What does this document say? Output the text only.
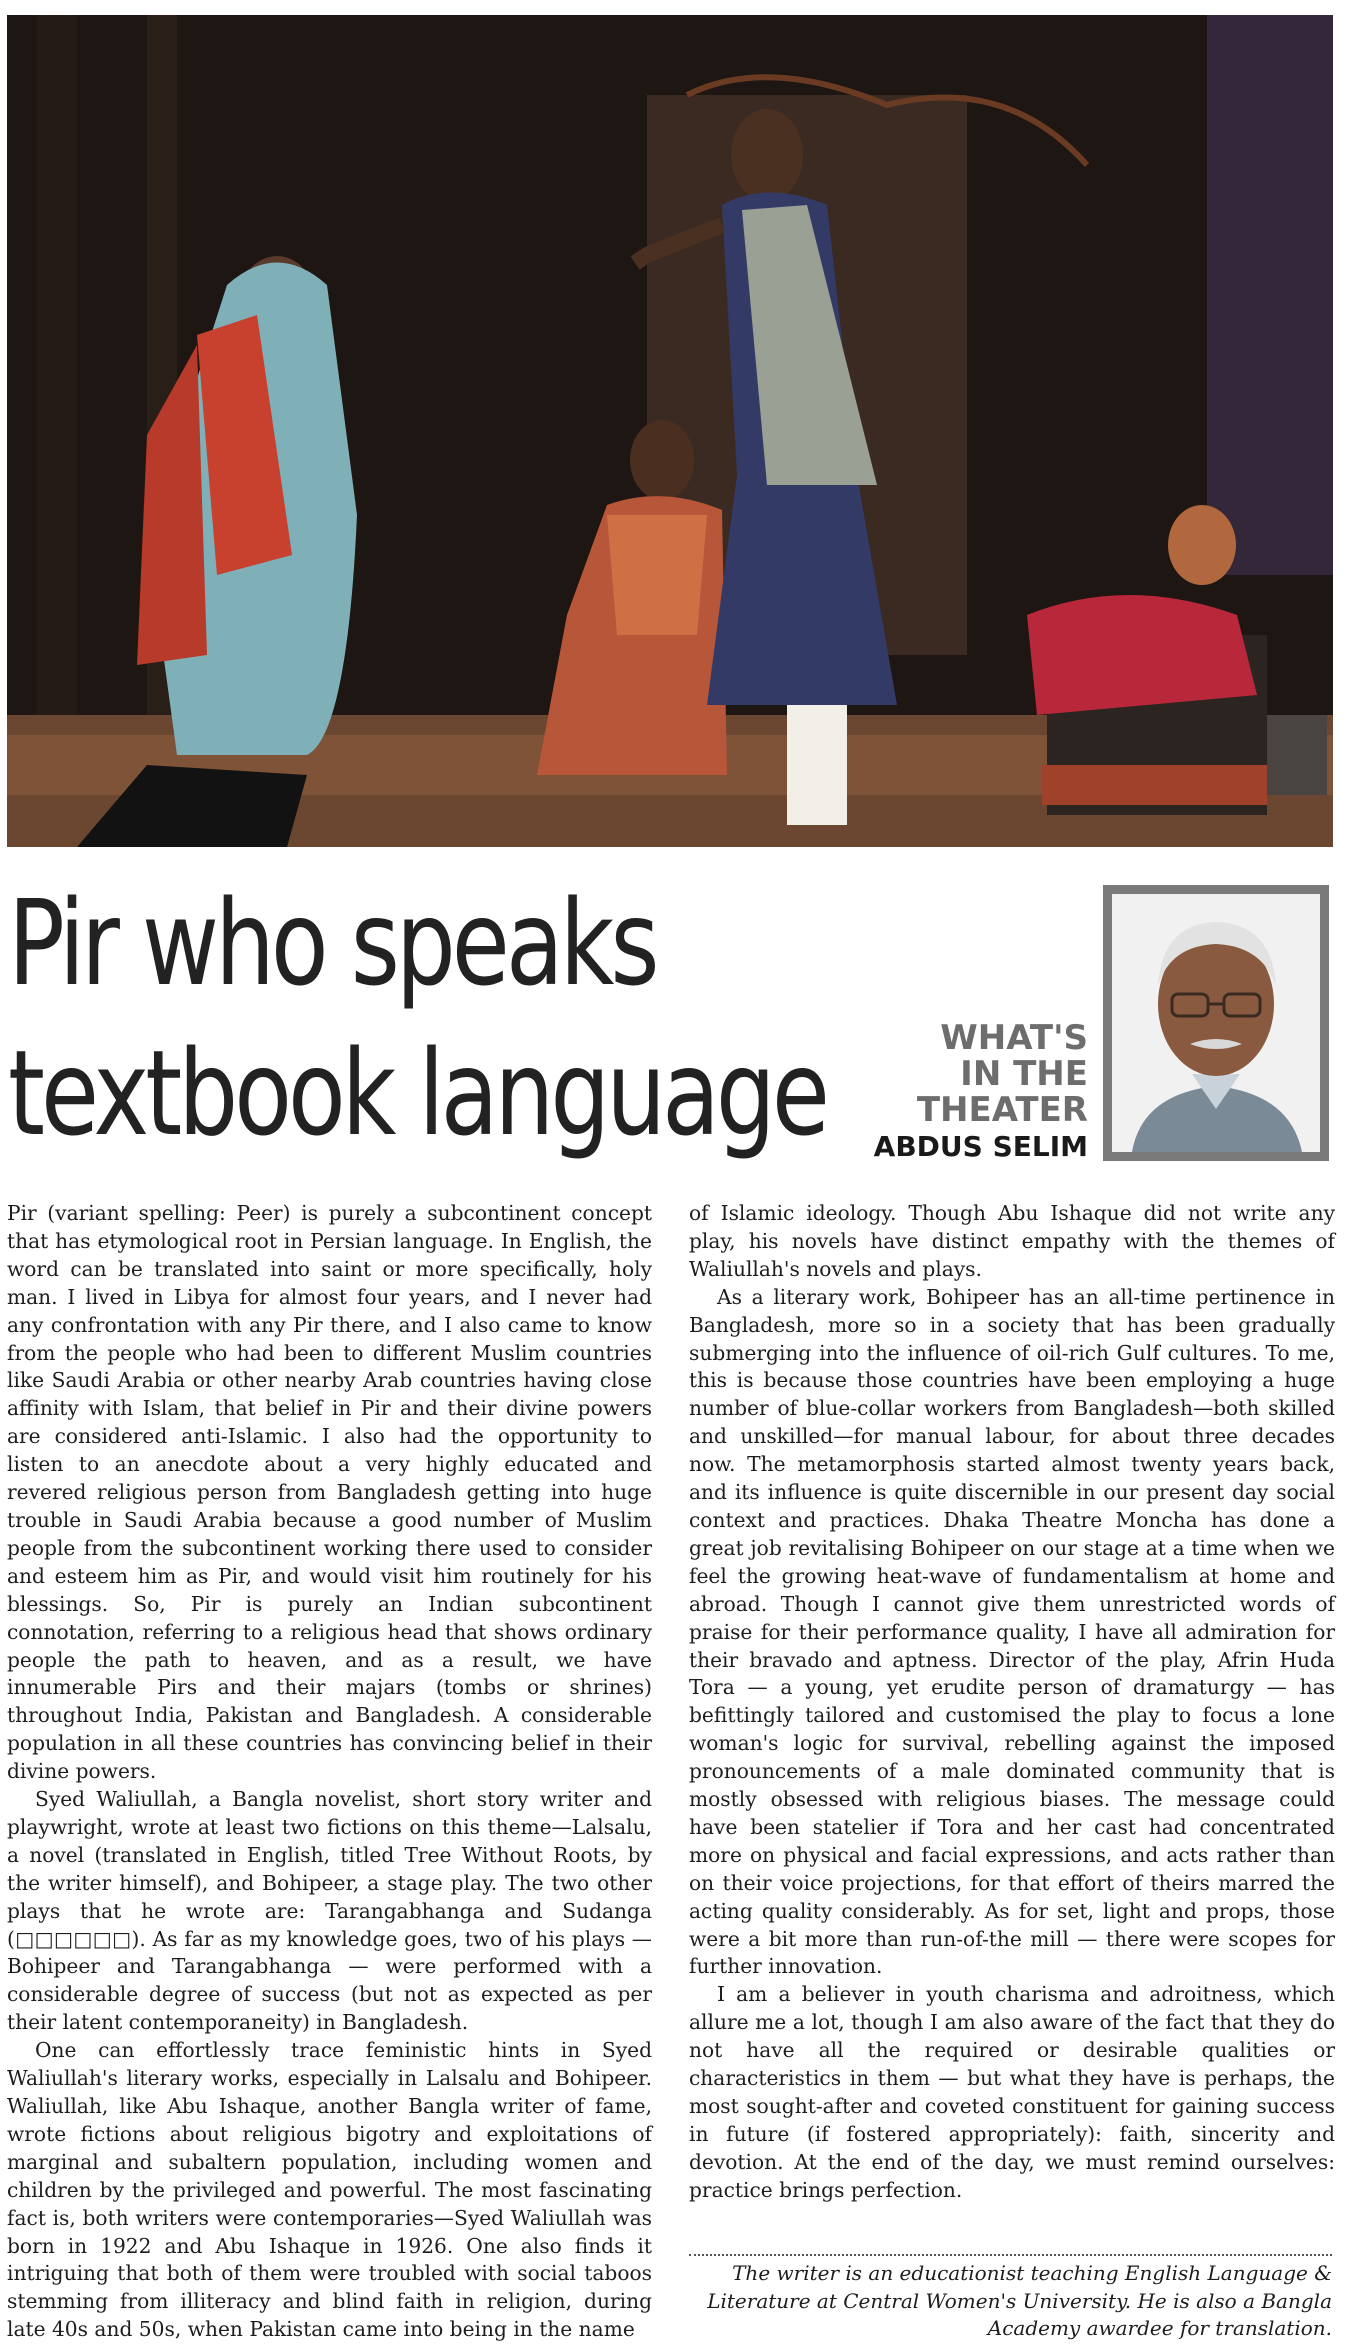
Pir who speaks
textbook language	WHAT'S
IN THE
THEATER
ABDUS SELIM

Pir (variant spelling: Peer) is purely a subcontinent concept that has etymological root in Persian language. In English, the word can be translated into saint or more specifically, holy man. I lived in Libya for almost four years, and I never had any confrontation with any Pir there, and I also came to know from the people who had been to different Muslim countries like Saudi Arabia or other nearby Arab countries having close affinity with Islam, that belief in Pir and their divine powers are considered anti-Islamic. I also had the opportunity to listen to an anecdote about a very highly educated and revered religious person from Bangladesh getting into huge trouble in Saudi Arabia because a good number of Muslim people from the subcontinent working there used to consider and esteem him as Pir, and would visit him routinely for his blessings. So, Pir is purely an Indian subcontinent connotation, referring to a religious head that shows ordinary people the path to heaven, and as a result, we have innumerable Pirs and their majars (tombs or shrines) throughout India, Pakistan and Bangladesh. A considerable population in all these countries has convincing belief in their divine powers.

Syed Waliullah, a Bangla novelist, short story writer and playwright, wrote at least two fictions on this theme—Lalsalu, a novel (translated in English, titled Tree Without Roots, by the writer himself), and Bohipeer, a stage play. The two other plays that he wrote are: Tarangabhanga and Sudanga (□□□□□□). As far as my knowledge goes, two of his plays — Bohipeer and Tarangabhanga — were performed with a considerable degree of success (but not as expected as per their latent contemporaneity) in Bangladesh.

One can effortlessly trace feministic hints in Syed Waliullah's literary works, especially in Lalsalu and Bohipeer. Waliullah, like Abu Ishaque, another Bangla writer of fame, wrote fictions about religious bigotry and exploitations of marginal and subaltern population, including women and children by the privileged and powerful. The most fascinating fact is, both writers were contemporaries—Syed Waliullah was born in 1922 and Abu Ishaque in 1926. One also finds it intriguing that both of them were troubled with social taboos stemming from illiteracy and blind faith in religion, during late 40s and 50s, when Pakistan came into being in the name

of Islamic ideology. Though Abu Ishaque did not write any play, his novels have distinct empathy with the themes of Waliullah's novels and plays.

As a literary work, Bohipeer has an all-time pertinence in Bangladesh, more so in a society that has been gradually submerging into the influence of oil-rich Gulf cultures. To me, this is because those countries have been employing a huge number of blue-collar workers from Bangladesh—both skilled and unskilled—for manual labour, for about three decades now. The metamorphosis started almost twenty years back, and its influence is quite discernible in our present day social context and practices. Dhaka Theatre Moncha has done a great job revitalising Bohipeer on our stage at a time when we feel the growing heat-wave of fundamentalism at home and abroad. Though I cannot give them unrestricted words of praise for their performance quality, I have all admiration for their bravado and aptness. Director of the play, Afrin Huda Tora — a young, yet erudite person of dramaturgy — has befittingly tailored and customised the play to focus a lone woman's logic for survival, rebelling against the imposed pronouncements of a male dominated community that is mostly obsessed with religious biases. The message could have been statelier if Tora and her cast had concentrated more on physical and facial expressions, and acts rather than on their voice projections, for that effort of theirs marred the acting quality considerably. As for set, light and props, those were a bit more than run-of-the mill — there were scopes for further innovation.

I am a believer in youth charisma and adroitness, which allure me a lot, though I am also aware of the fact that they do not have all the required or desirable qualities or characteristics in them — but what they have is perhaps, the most sought-after and coveted constituent for gaining success in future (if fostered appropriately): faith, sincerity and devotion. At the end of the day, we must remind ourselves: practice brings perfection.

The writer is an educationist teaching English Language & Literature at Central Women's University. He is also a Bangla Academy awardee for translation.
